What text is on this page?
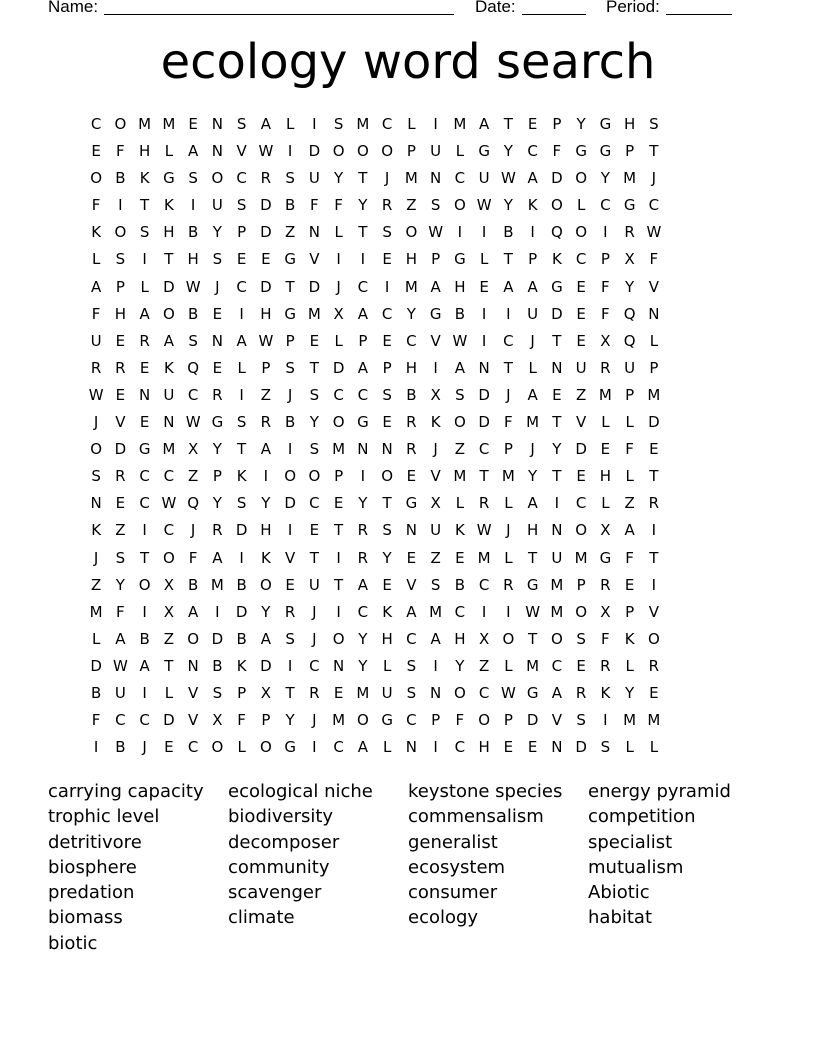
Name:	Date:	Period:
ecology word search
C O M M E N S A L	I	S M C L	I	M A T E P	Y G H S
E	F H L A N V W I	D O O O P U L G Y C F G G P	T
O B K G S O C R S U Y	T	J	M N C U W A D O Y M	J
F	I	T K	I	U S D B F	F	Y R Z S O W Y K O L C G C
K O S H B Y	P D Z N L	T S O W I	I	B	I	Q O	I	R W
L	S	I	T H S E E G V	I	I	E H P G L	T	P K C P X F
A P	L D W J	C D T D	J	C	I	M A H E A A G E	F	Y V
F H A O B E	I	H G M X A C Y G B	I	I	U D E	F Q N
U E R A S N A W P E	L	P E C V W I	C	J	T E X Q L
R R E K Q E	L	P S T D A P H	I	A N T	L N U R U P
W E N U C R	I	Z	J	S C C S B X S D	J	A E Z M P M
J	V E N W G S R B Y O G E R K O D F M T V L	L D
O D G M X Y	T A	I	S M N N R	J	Z C P	J	Y D E	F	E
S R C C Z P K	I	O O P	I	O E V M T M Y	T E H L	T
N E C W Q Y S Y D C E Y	T G X L R L A	I	C L Z R
K Z	I	C	J	R D H	I	E T R S N U K W J	H N O X A	I
J	S T O F A	I	K V T	I	R Y E Z E M L	T U M G F	T
Z Y O X B M B O E U T A E V S B C R G M P R E	I
M F	I	X A	I	D Y R	J	I	C K A M C	I	I W M O X P V
L A B Z O D B A S	J	O Y H C A H X O T O S	F	K O
D W A T N B K D	I	C N Y	L	S	I	Y Z L M C E R L R
B U	I	L V S P X T R E M U S N O C W G A R K Y E
F C C D V X F	P	Y	J	M O G C P	F O P D V S	I	M M
I	B	J	E C O L O G	I	C A L N	I	C H E E N D S	L	L
carrying capacity
trophic level
detritivore
biosphere
predation
biomass
biotic
ecological niche
biodiversity
decomposer
community
scavenger
climate
keystone species
commensalism
generalist
ecosystem
consumer
ecology
energy pyramid
competition
specialist
mutualism
Abiotic
habitat
